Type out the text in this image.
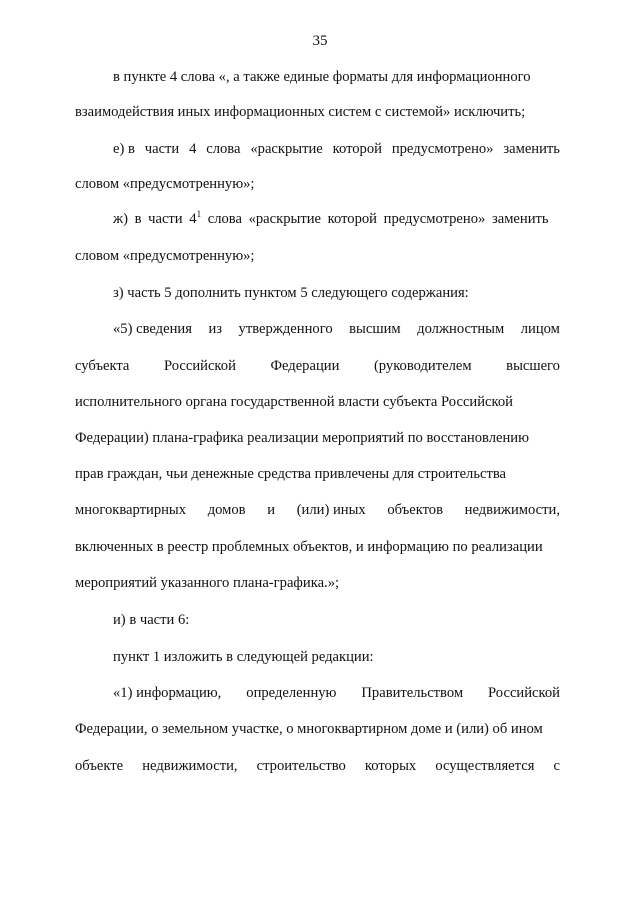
35
в пункте 4 слова «, а также единые форматы для информационного
взаимодействия иных информационных систем с системой» исключить;
е) в части 4 слова «раскрытие которой предусмотрено» заменить
словом «предусмотренную»;
ж) в части $4^1$ слова «раскрытие которой предусмотрено» заменить
словом «предусмотренную»;
з) часть 5 дополнить пунктом 5 следующего содержания:
«5) сведения из утвержденного высшим должностным лицом
субъекта Российской Федерации (руководителем высшего
исполнительного органа государственной власти субъекта Российской
Федерации) плана-графика реализации мероприятий по восстановлению
прав граждан, чьи денежные средства привлечены для строительства
многоквартирных домов и (или) иных объектов недвижимости,
включенных в реестр проблемных объектов, и информацию по реализации
мероприятий указанного плана-графика.»;
и) в части 6:
пункт 1 изложить в следующей редакции:
«1) информацию, определенную Правительством Российской
Федерации, о земельном участке, о многоквартирном доме и (или) об ином
объекте недвижимости, строительство которых осуществляется с
